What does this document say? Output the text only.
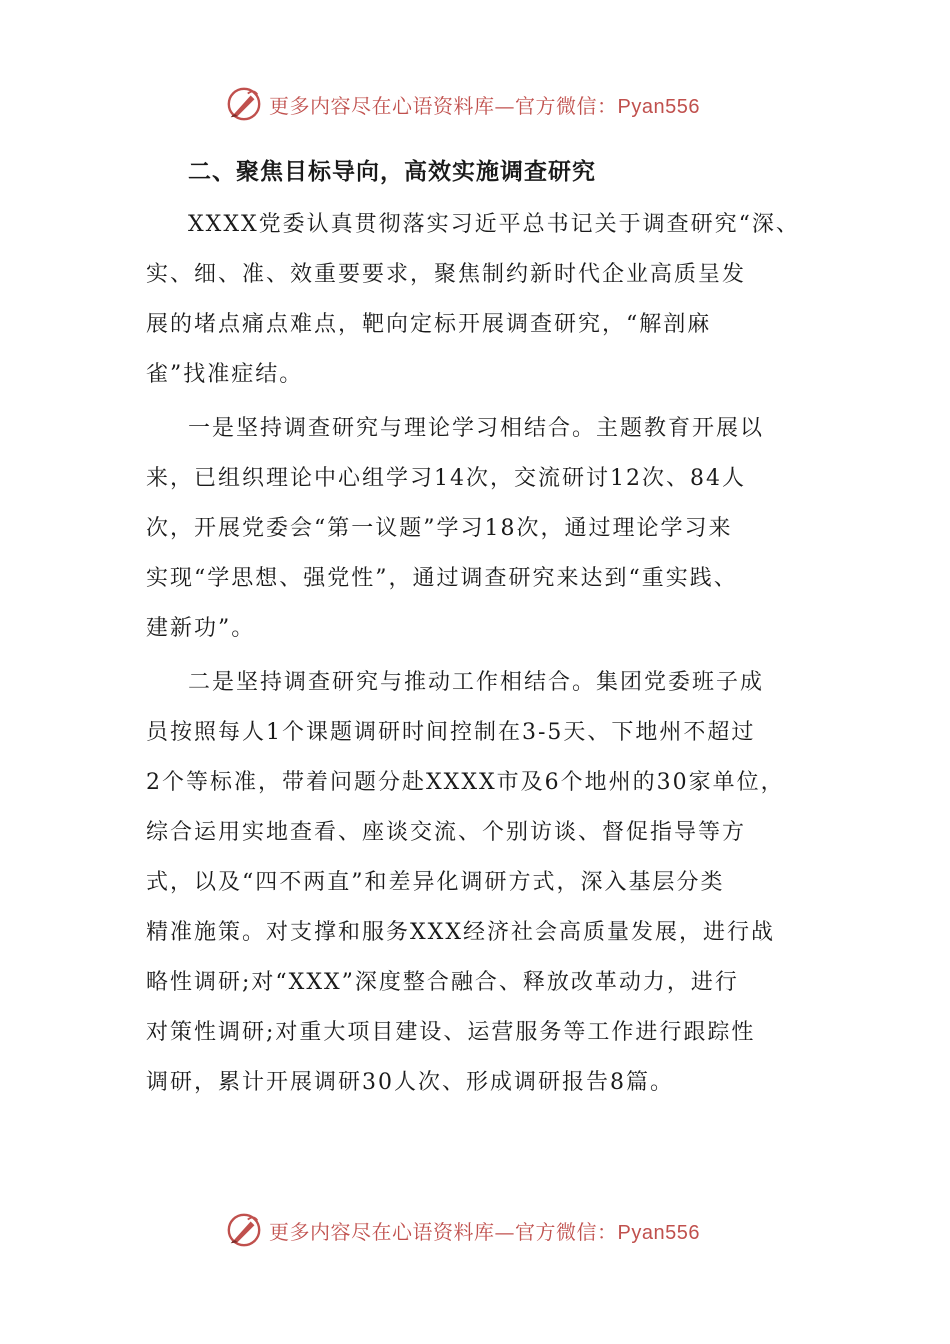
更多内容尽在心语资料库—官方微信：Pyan556
二、聚焦目标导向，高效实施调查研究
XXXX党委认真贯彻落实习近平总书记关于调查研究“深、
实、细、准、效重要要求，聚焦制约新时代企业高质呈发
展的堵点痛点难点，靶向定标开展调查研究，“解剖麻
雀”找准症结。
一是坚持调查研究与理论学习相结合。主题教育开展以
来，已组织理论中心组学习14次，交流研讨12次、84人
次，开展党委会“第一议题”学习18次，通过理论学习来
实现“学思想、强党性”，通过调查研究来达到“重实践、
建新功”。
二是坚持调查研究与推动工作相结合。集团党委班子成
员按照每人1个课题调研时间控制在3-5天、下地州不超过
2个等标准，带着问题分赴XXXX市及6个地州的30家单位，
综合运用实地查看、座谈交流、个别访谈、督促指导等方
式，以及“四不两直”和差异化调研方式，深入基层分类
精准施策。对支撑和服务XXX经济社会高质量发展，进行战
略性调研;对“XXX”深度整合融合、释放改革动力，进行
对策性调研;对重大项目建设、运营服务等工作进行跟踪性
调研，累计开展调研30人次、形成调研报告8篇。
更多内容尽在心语资料库—官方微信：Pyan556
